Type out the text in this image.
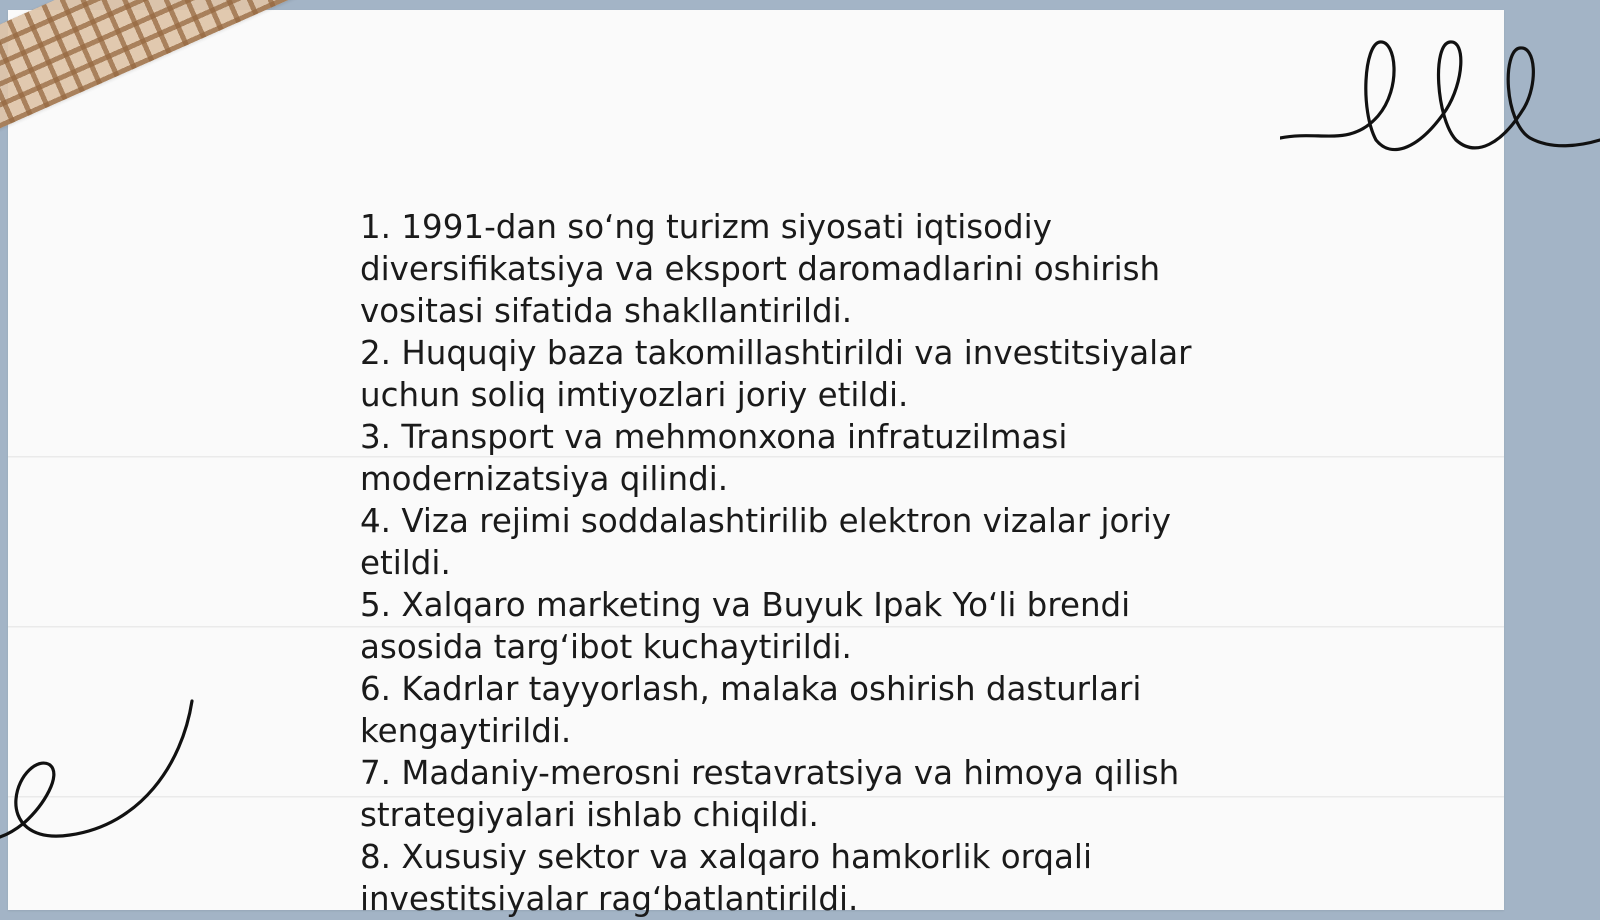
1. 1991-dan so‘ng turizm siyosati iqtisodiy diversifikatsiya va eksport daromadlarini oshirish vositasi sifatida shakllantirildi.
2. Huquqiy baza takomillashtirildi va investitsiyalar uchun soliq imtiyozlari joriy etildi.
3. Transport va mehmonxona infratuzilmasi modernizatsiya qilindi.
4. Viza rejimi soddalashtirilib elektron vizalar joriy etildi.
5. Xalqaro marketing va Buyuk Ipak Yo‘li brendi asosida targ‘ibot kuchaytirildi.
6. Kadrlar tayyorlash, malaka oshirish dasturlari kengaytirildi.
7. Madaniy-merosni restavratsiya va himoya qilish strategiyalari ishlab chiqildi.
8. Xususiy sektor va xalqaro hamkorlik orqali investitsiyalar rag‘batlantirildi.
